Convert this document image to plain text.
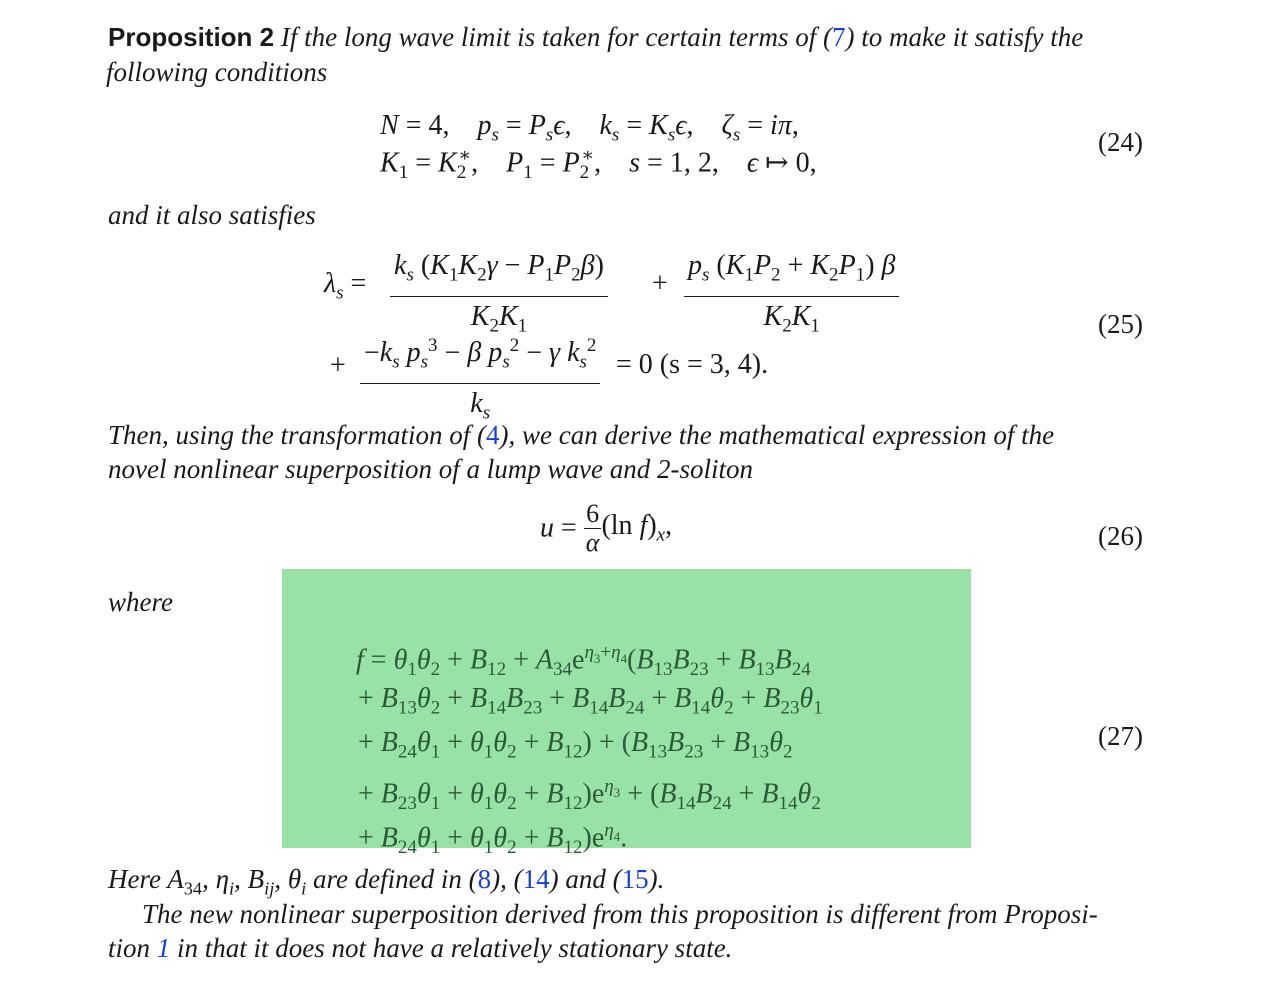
Proposition 2 If the long wave limit is taken for certain terms of (7) to make it satisfy the
following conditions
N = 4,    $p_s = P_s\epsilon$,    $k_s = K_s\epsilon$,    $\zeta_s = i\pi$,
$K_1 = K_2^∗$,    $P_1 = P_2^∗$,    s = 1, 2,    ϵ ↦ 0,
(24)
and it also satisfies
$\lambda_s = \frac{k_s (K_1K_2\gamma - P_1P_2\beta)}{K_2K_1} + \frac{p_s (K_1P_2 + K_2P_1) \beta}{K_2K_1}$
+ $\frac{-k_s p_s^3 - \beta p_s^2 - \gamma k_s^2}{k_s} = 0$ (s = 3, 4).
(25)
Then, using the transformation of (4), we can derive the mathematical expression of the
novel nonlinear superposition of a lump wave and 2-soliton
$u = \frac{6}{\alpha} (\ln$ $f)_x$,	(26)
where
$f = \theta_1\theta_2 + B_{12} + A_{34}e^{\eta_3+\eta_4}(B_{13}B_{23} + B_{13}B_{24}$
+ $B_{13}\theta_2 + B_{14}B_{23} + B_{14}B_{24} + B_{14}\theta_2 + B_{23}\theta_1$
+ $B_{24}\theta_1 + \theta_1\theta_2 + B_{12}) + (B_{13}B_{23} + B_{13}\theta_2$
+ $B_{23}\theta_1 + \theta_1\theta_2 + B_{12})e^{\eta_3} + (B_{14}B_{24} + B_{14}\theta_2$
+ $B_{24}\theta_1 + \theta_1\theta_2 + B_{12})e^{\eta_4}$.
(27)
Here $A_{34}$, $\eta_i$, $B_{ij}$, $\theta_i$ are defined in (8), (14) and (15).
The new nonlinear superposition derived from this proposition is different from Proposi-
tion 1 in that it does not have a relatively stationary state.
